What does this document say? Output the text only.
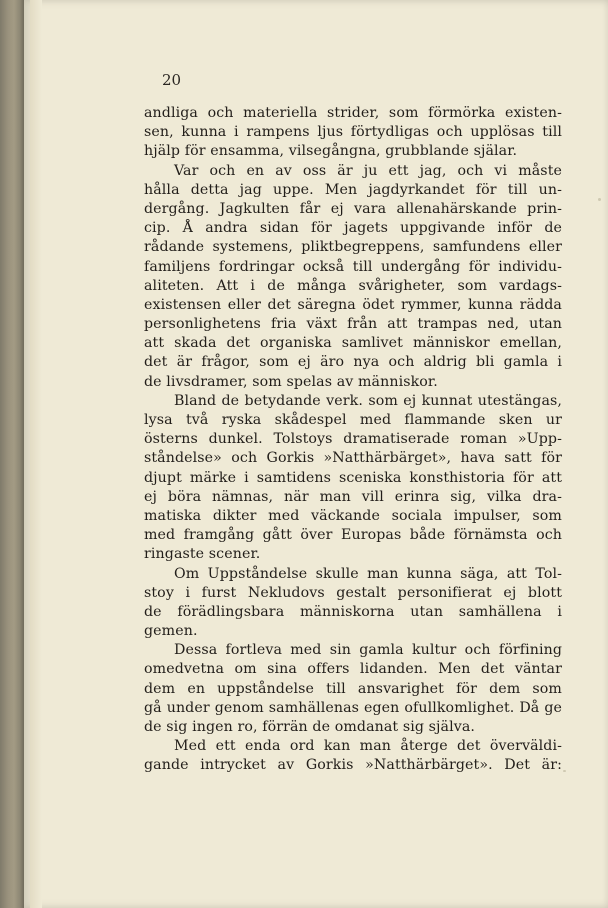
20
andliga och materiella strider, som förmörka existen-
sen, kunna i rampens ljus förtydligas och upplösas till
hjälp för ensamma, vilsegångna, grubblande själar.
Var och en av oss är ju ett jag, och vi måste
hålla detta jag uppe. Men jagdyrkandet för till un-
dergång. Jagkulten får ej vara allenahärskande prin-
cip. Å andra sidan för jagets uppgivande inför de
rådande systemens, pliktbegreppens, samfundens eller
familjens fordringar också till undergång för individu-
aliteten. Att i de många svårigheter, som vardags-
existensen eller det säregna ödet rymmer, kunna rädda
personlighetens fria växt från att trampas ned, utan
att skada det organiska samlivet människor emellan,
det är frågor, som ej äro nya och aldrig bli gamla i
de livsdramer, som spelas av människor.
Bland de betydande verk. som ej kunnat utestängas,
lysa två ryska skådespel med flammande sken ur
österns dunkel. Tolstoys dramatiserade roman »Upp-
ståndelse» och Gorkis »Natthärbärget», hava satt för
djupt märke i samtidens sceniska konsthistoria för att
ej böra nämnas, när man vill erinra sig, vilka dra-
matiska dikter med väckande sociala impulser, som
med framgång gått över Europas både förnämsta och
ringaste scener.
Om Uppståndelse skulle man kunna säga, att Tol-
stoy i furst Nekludovs gestalt personifierat ej blott
de förädlingsbara människorna utan samhällena i
gemen.
Dessa fortleva med sin gamla kultur och förfining
omedvetna om sina offers lidanden. Men det väntar
dem en uppståndelse till ansvarighet för dem som
gå under genom samhällenas egen ofullkomlighet. Då ge
de sig ingen ro, förrän de omdanat sig själva.
Med ett enda ord kan man återge det överväldi-
gande intrycket av Gorkis »Natthärbärget». Det är:
